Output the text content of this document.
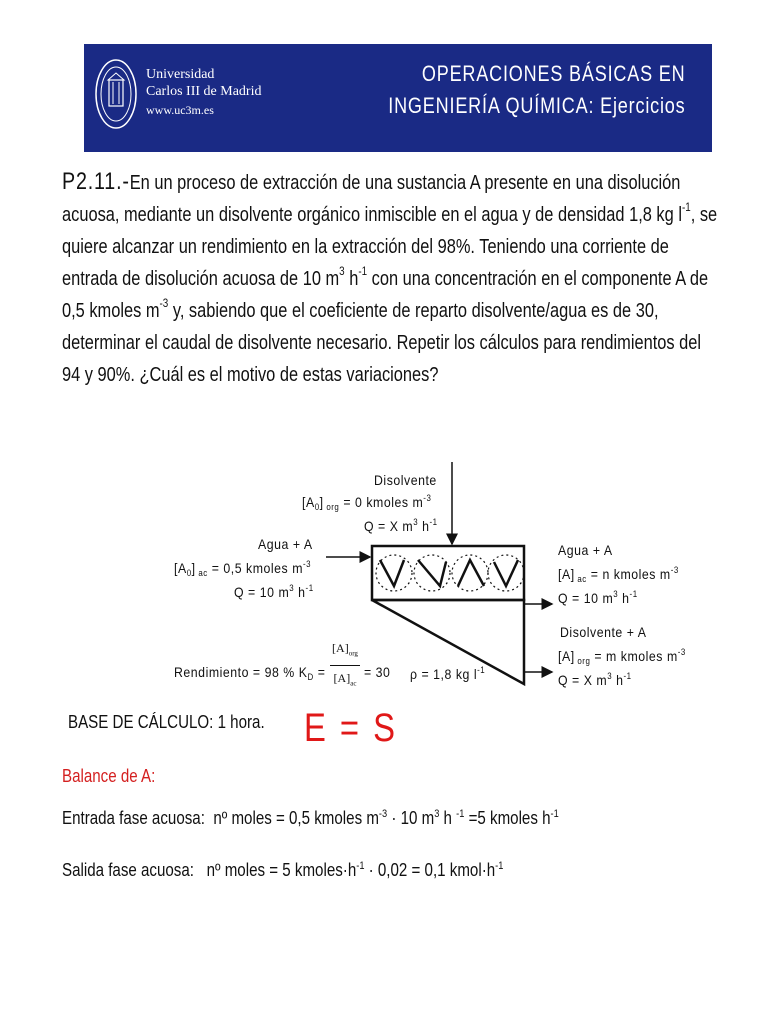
Universidad
Carlos III de Madrid
www.uc3m.es
OPERACIONES BÁSICAS EN
INGENIERÍA QUÍMICA: Ejercicios
P2.11.-En un proceso de extracción de una sustancia A presente en una disolución acuosa, mediante un disolvente orgánico inmiscible en el agua y de densidad 1,8 kg $l^{-1}$, se quiere alcanzar un rendimiento en la extracción del 98%. Teniendo una corriente de entrada de disolución acuosa de 10 $m^3$ $h^{-1}$ con una concentración en el componente A de 0,5 kmoles $m^{-3}$ y, sabiendo que el coeficiente de reparto disolvente/agua es de 30, determinar el caudal de disolvente necesario. Repetir los cálculos para rendimientos del 94 y 90%. ¿Cuál es el motivo de estas variaciones?
Disolvente
$[A_0] _{org} = 0$ kmoles $m^{-3}$
Q = X $m^3$ $h^{-1}$
Agua + A
$[A_0] _{ac} = 0,5$ kmoles $m^{-3}$
Q = 10 $m^3$ $h^{-1}$
Agua + A
[A] $_{ac}$ = n kmoles $m^{-3}$
Q = 10 $m^3$ $h^{-1}$
Disolvente + A
[A] $_{org}$ = m kmoles $m^{-3}$
Q = X $m^3$ $h^{-1}$
Rendimiento = 98 % $K_D$ =
$[A]_{org}$
$[A]_{ac}$
= 30 ρ = 1,8 kg $l^{-1}$
BASE DE CÁLCULO: 1 hora. E = S
Balance de A:
Entrada fase acuosa: nº moles = 0,5 kmoles $m^{-3} \cdot 10$ $m^3$ h $^{-1}$ =5 kmoles $h^{-1}$
Salida fase acuosa: nº moles = 5 $kmoles\cdot h^{-1} \cdot 0,02 = 0,1$ $kmol\cdot h^{-1}$
